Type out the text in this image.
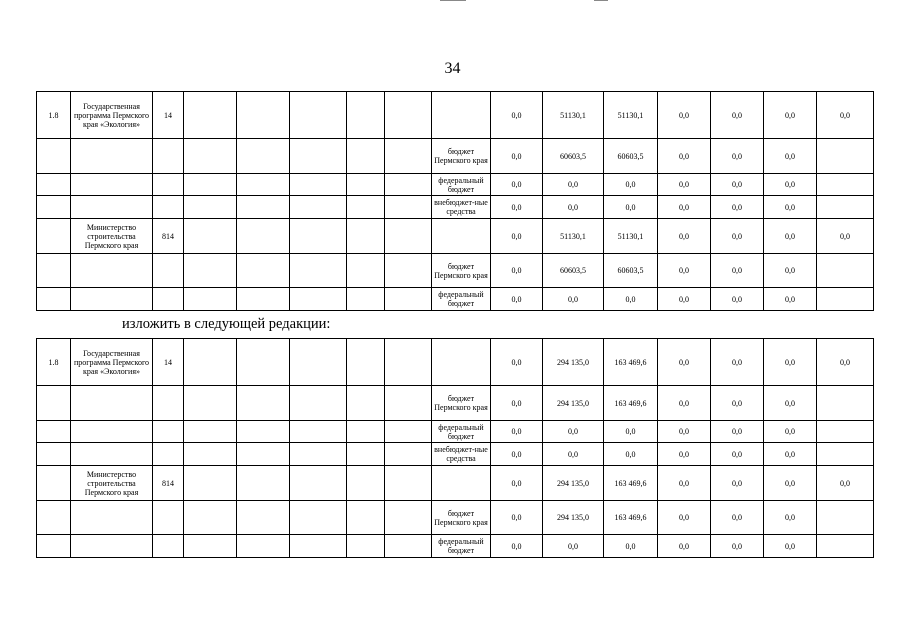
34
1.8	Государственная программа Пермского края «Экология»	14							0,0	51130,1	51130,1	0,0	0,0	0,0	0,0
								бюджет Пермского края	0,0	60603,5	60603,5	0,0	0,0	0,0	
								федеральный бюджет	0,0	0,0	0,0	0,0	0,0	0,0	
								внебюджет-ные средства	0,0	0,0	0,0	0,0	0,0	0,0	
	Министерство строительства Пермского края	814							0,0	51130,1	51130,1	0,0	0,0	0,0	0,0
								бюджет Пермского края	0,0	60603,5	60603,5	0,0	0,0	0,0	
								федеральный бюджет	0,0	0,0	0,0	0,0	0,0	0,0	
изложить в следующей редакции:
1.8	Государственная программа Пермского края «Экология»	14							0,0	294 135,0	163 469,6	0,0	0,0	0,0	0,0
								бюджет Пермского края	0,0	294 135,0	163 469,6	0,0	0,0	0,0	
								федеральный бюджет	0,0	0,0	0,0	0,0	0,0	0,0	
								внебюджет-ные средства	0,0	0,0	0,0	0,0	0,0	0,0	
	Министерство строительства Пермского края	814							0,0	294 135,0	163 469,6	0,0	0,0	0,0	0,0
								бюджет Пермского края	0,0	294 135,0	163 469,6	0,0	0,0	0,0	
								федеральный бюджет	0,0	0,0	0,0	0,0	0,0	0,0	
